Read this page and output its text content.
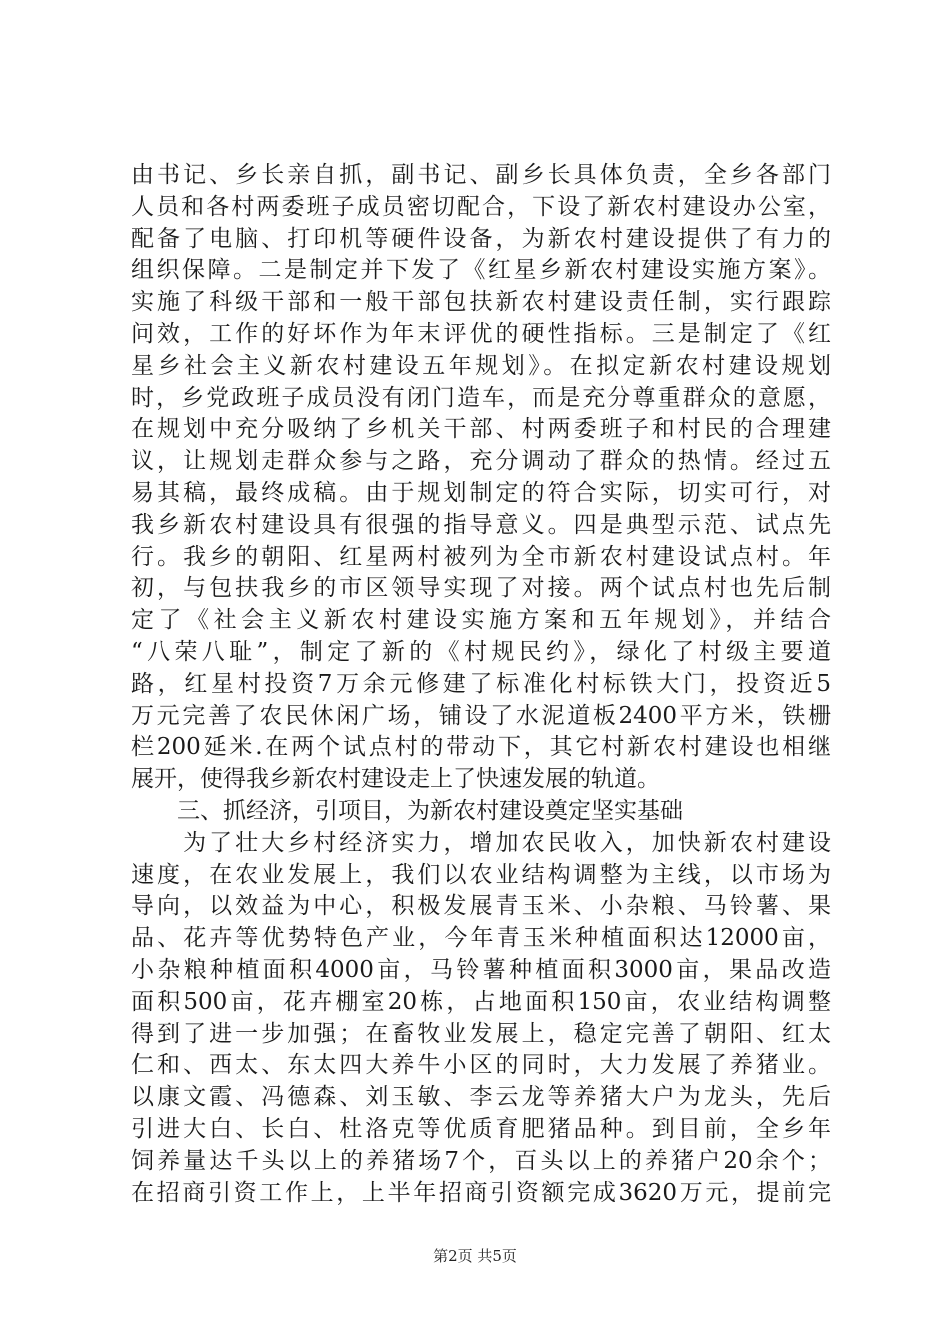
由书记、乡长亲自抓，副书记、副乡长具体负责，全乡各部门
人员和各村两委班子成员密切配合，下设了新农村建设办公室，
配备了电脑、打印机等硬件设备，为新农村建设提供了有力的
组织保障。二是制定并下发了《红星乡新农村建设实施方案》。
实施了科级干部和一般干部包扶新农村建设责任制，实行跟踪
问效，工作的好坏作为年末评优的硬性指标。三是制定了《红
星乡社会主义新农村建设五年规划》。在拟定新农村建设规划
时，乡党政班子成员没有闭门造车，而是充分尊重群众的意愿，
在规划中充分吸纳了乡机关干部、村两委班子和村民的合理建
议，让规划走群众参与之路，充分调动了群众的热情。经过五
易其稿，最终成稿。由于规划制定的符合实际，切实可行，对
我乡新农村建设具有很强的指导意义。四是典型示范、试点先
行。我乡的朝阳、红星两村被列为全市新农村建设试点村。年
初，与包扶我乡的市区领导实现了对接。两个试点村也先后制
定了《社会主义新农村建设实施方案和五年规划》，并结合
“八荣八耻”，制定了新的《村规民约》，绿化了村级主要道
路，红星村投资7万余元修建了标准化村标铁大门，投资近5
万元完善了农民休闲广场，铺设了水泥道板2400平方米，铁栅
栏200延米.在两个试点村的带动下，其它村新农村建设也相继
展开，使得我乡新农村建设走上了快速发展的轨道。
　　三、抓经济，引项目，为新农村建设奠定坚实基础
　　为了壮大乡村经济实力，增加农民收入，加快新农村建设
速度，在农业发展上，我们以农业结构调整为主线，以市场为
导向，以效益为中心，积极发展青玉米、小杂粮、马铃薯、果
品、花卉等优势特色产业，今年青玉米种植面积达12000亩，
小杂粮种植面积4000亩，马铃薯种植面积3000亩，果品改造
面积500亩，花卉棚室20栋，占地面积150亩，农业结构调整
得到了进一步加强；在畜牧业发展上，稳定完善了朝阳、红太
仁和、西太、东太四大养牛小区的同时，大力发展了养猪业。
以康文霞、冯德森、刘玉敏、李云龙等养猪大户为龙头，先后
引进大白、长白、杜洛克等优质育肥猪品种。到目前，全乡年
饲养量达千头以上的养猪场7个，百头以上的养猪户20余个；
在招商引资工作上，上半年招商引资额完成3620万元，提前完
第2页 共5页
